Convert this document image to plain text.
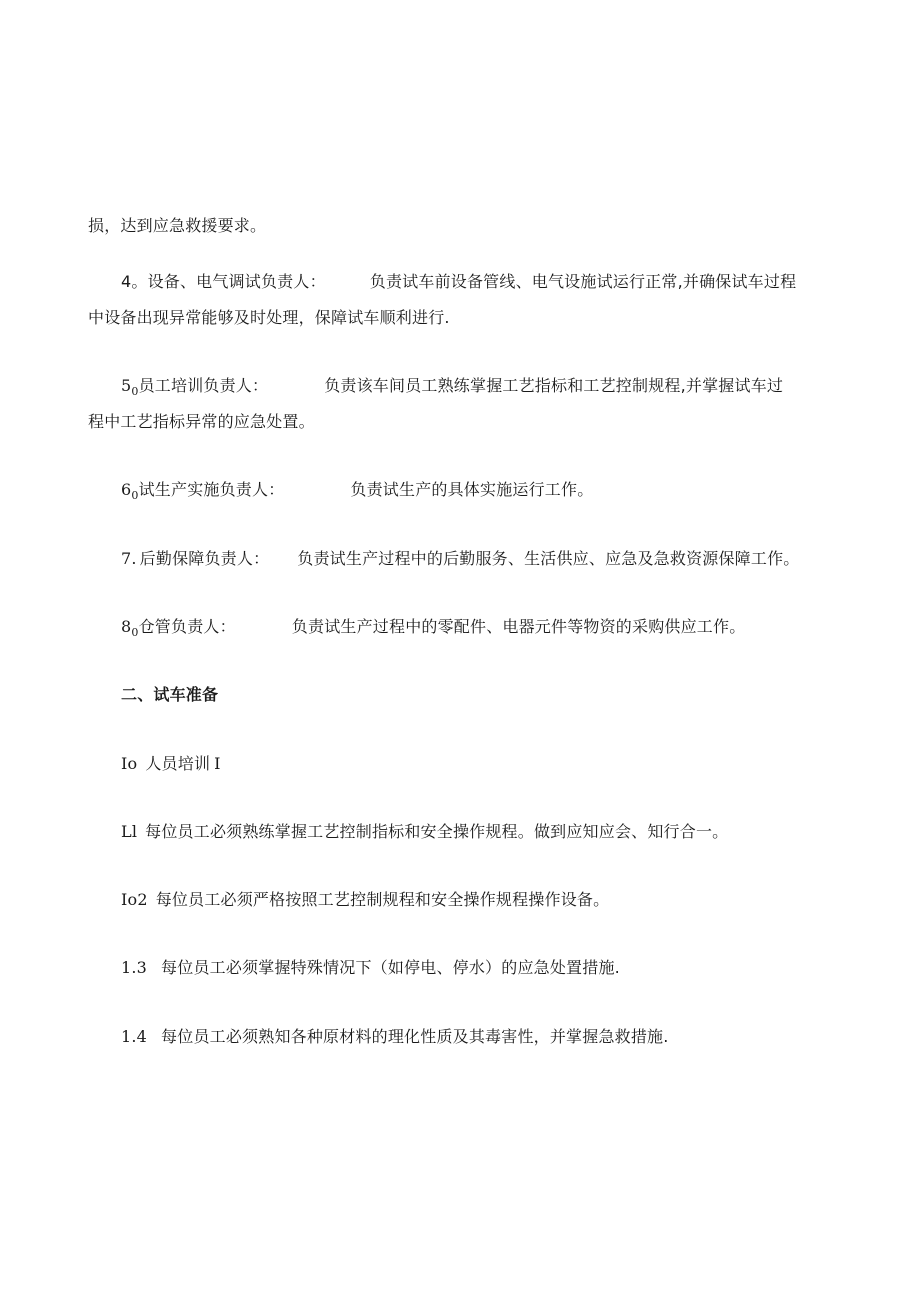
损，达到应急救援要求。
4。设备、电气调试负责人：	负责试车前设备管线、电气设施试运行正常,并确保试车过程
中设备出现异常能够及时处理，保障试车顺利进行.
$5_0$员工培训负责人：	负责该车间员工熟练掌握工艺指标和工艺控制规程,并掌握试车过
程中工艺指标异常的应急处置。
$6_0$试生产实施负责人：	负责试生产的具体实施运行工作。
7. 后勤保障负责人： 负责试生产过程中的后勤服务、生活供应、应急及急救资源保障工作。
$8_0$仓管负责人：	负责试生产过程中的零配件、电器元件等物资的采购供应工作。
二、试车准备
Io 人员培训 I
Ll 每位员工必须熟练掌握工艺控制指标和安全操作规程。做到应知应会、知行合一。
Io2 每位员工必须严格按照工艺控制规程和安全操作规程操作设备。
1.3 每位员工必须掌握特殊情况下（如停电、停水）的应急处置措施.
1.4 每位员工必须熟知各种原材料的理化性质及其毒害性，并掌握急救措施.
